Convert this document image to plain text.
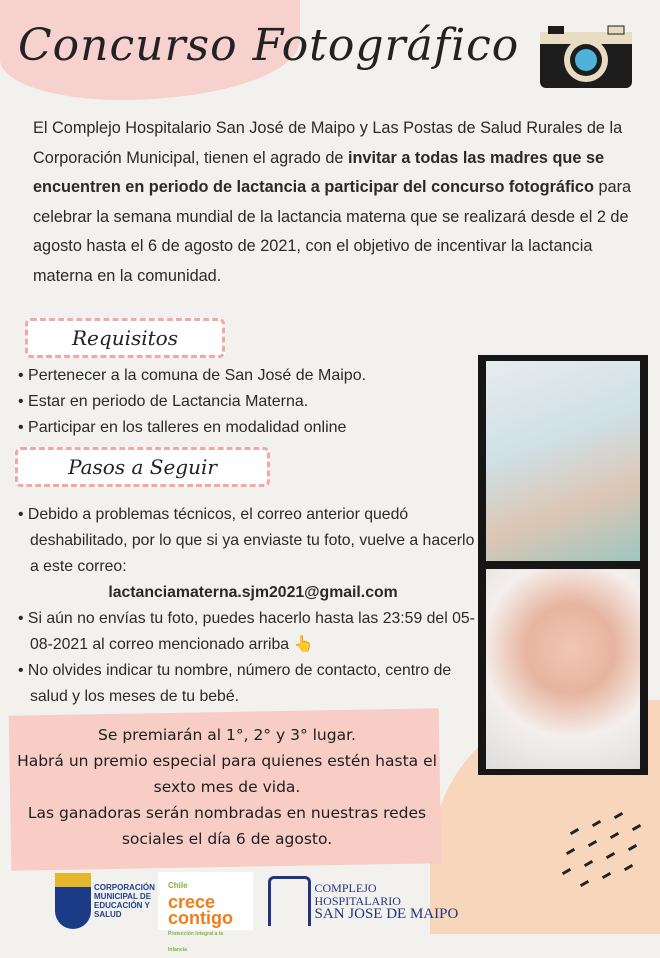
Concurso Fotográfico
El Complejo Hospitalario San José de Maipo y Las Postas de Salud Rurales de la Corporación Municipal, tienen el agrado de invitar a todas las madres que se encuentren en periodo de lactancia a participar del concurso fotográfico para celebrar la semana mundial de la lactancia materna que se realizará desde el 2 de agosto hasta el 6 de agosto de 2021, con el objetivo de incentivar la lactancia materna en la comunidad.
Requisitos
• Pertenecer a la comuna de San José de Maipo.
• Estar en periodo de Lactancia Materna.
• Participar en los talleres en modalidad online
Pasos a Seguir

• Debido a problemas técnicos, el correo anterior quedó deshabilitado, por lo que si ya enviaste tu foto, vuelve a hacerlo a este correo:

lactanciamaterna.sjm2021@gmail.com

• Si aún no envías tu foto, puedes hacerlo hasta las 23:59 del 05-08-2021 al correo mencionado arriba 👆

• No olvides indicar tu nombre, número de contacto, centro de salud y los meses de tu bebé.

Se premiarán al 1°, 2° y 3° lugar.
Habrá un premio especial para quienes estén hasta el sexto mes de vida.
Las ganadoras serán nombradas en nuestras redes sociales el día 6 de agosto.
CORPORACIÓN MUNICIPAL DE EDUCACIÓN Y SALUD
Chile
crece
contigo
Protección Integral a la Infancia
COMPLEJO HOSPITALARIO
SAN JOSE DE MAIPO
